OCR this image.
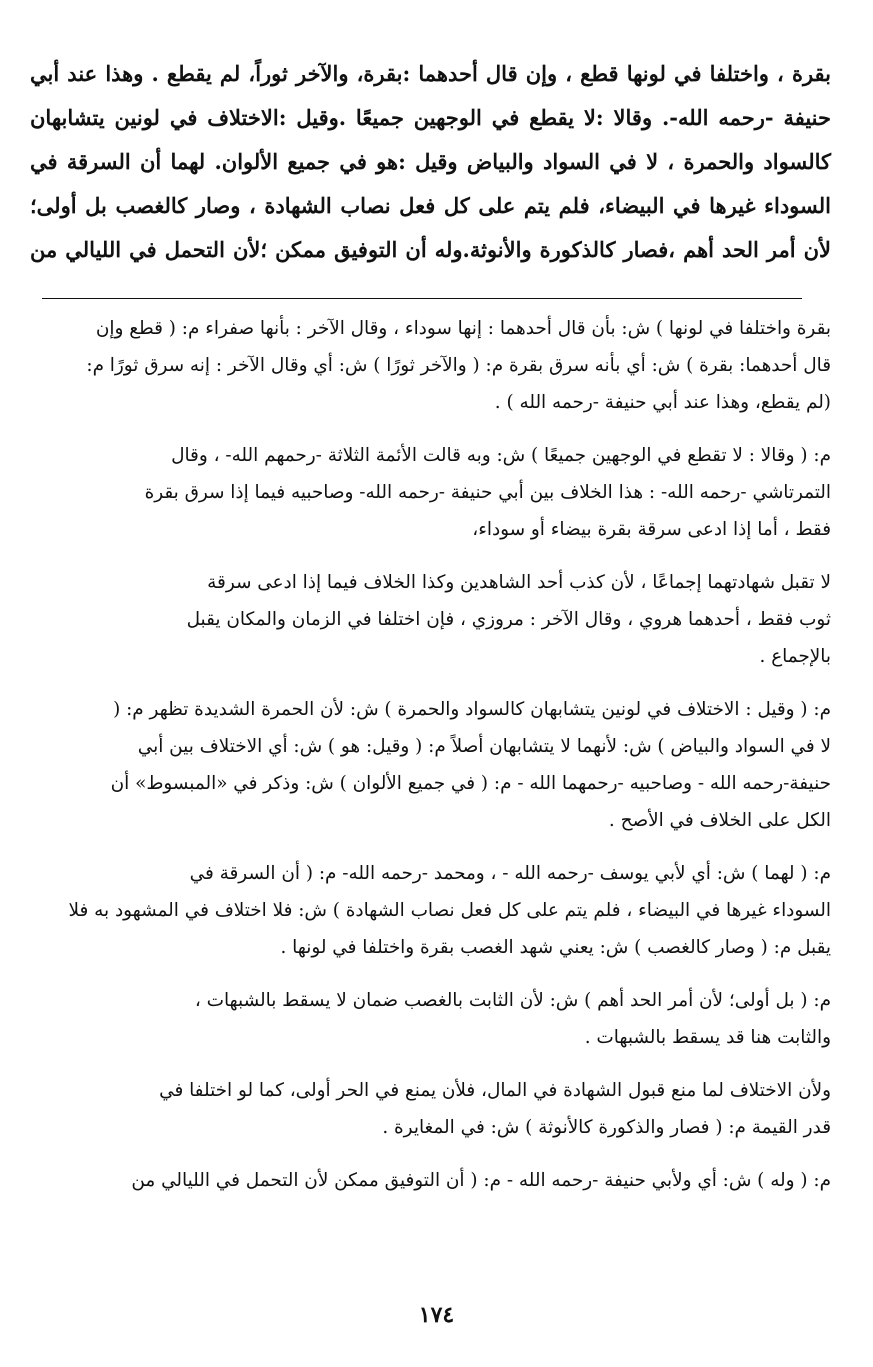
بقرة ، واختلفا في لونها قطع ، وإن قال أحدهما :بقرة، والآخر ثوراً، لم يقطع . وهذا عند أبي

حنيفة -رحمه الله-. وقالا :لا يقطع في الوجهين جميعًا .وقيل :الاختلاف في لونين يتشابهان

كالسواد والحمرة ، لا في السواد والبياض وقيل :هو في جميع الألوان. لهما أن السرقة في

السوداء غيرها في البيضاء، فلم يتم على كل فعل نصاب الشهادة ، وصار كالغصب بل أولى؛

لأن أمر الحد أهم ،فصار كالذكورة والأنوثة.وله أن التوفيق ممكن ؛لأن التحمل في الليالي من

بقرة واختلفا في لونها ) ش: بأن قال أحدهما : إنها سوداء ، وقال الآخر : بأنها صفراء م: ( قطع وإن
قال أحدهما: بقرة ) ش: أي بأنه سرق بقرة م: ( والآخر ثورًا ) ش: أي وقال الآخر : إنه سرق ثورًا م:
(لم يقطع، وهذا عند أبي حنيفة -رحمه الله ) .

م: ( وقالا : لا تقطع في الوجهين جميعًا ) ش: وبه قالت الأئمة الثلاثة -رحمهم الله- ، وقال
التمرتاشي -رحمه الله- : هذا الخلاف بين أبي حنيفة -رحمه الله- وصاحبيه فيما إذا سرق بقرة
فقط ، أما إذا ادعى سرقة بقرة بيضاء أو سوداء،

لا تقبل شهادتهما إجماعًا ، لأن كذب أحد الشاهدين وكذا الخلاف فيما إذا ادعى سرقة
ثوب فقط ، أحدهما هروي ، وقال الآخر : مروزي ، فإن اختلفا في الزمان والمكان يقبل
بالإجماع .

م: ( وقيل : الاختلاف في لونين يتشابهان كالسواد والحمرة ) ش: لأن الحمرة الشديدة تظهر م: (
لا في السواد والبياض ) ش: لأنهما لا يتشابهان أصلاً م: ( وقيل: هو ) ش: أي الاختلاف بين أبي
حنيفة-رحمه الله - وصاحبيه -رحمهما الله - م: ( في جميع الألوان ) ش: وذكر في «المبسوط» أن
الكل على الخلاف في الأصح .

م: ( لهما ) ش: أي لأبي يوسف -رحمه الله - ، ومحمد -رحمه الله- م: ( أن السرقة في
السوداء غيرها في البيضاء ، فلم يتم على كل فعل نصاب الشهادة ) ش: فلا اختلاف في المشهود به فلا
يقبل م: ( وصار كالغصب ) ش: يعني شهد الغصب بقرة واختلفا في لونها .

م: ( بل أولى؛ لأن أمر الحد أهم ) ش: لأن الثابت بالغصب ضمان لا يسقط بالشبهات ،
والثابت هنا قد يسقط بالشبهات .

ولأن الاختلاف لما منع قبول الشهادة في المال، فلأن يمنع في الحر أولى، كما لو اختلفا في
قدر القيمة م: ( فصار والذكورة كالأنوثة ) ش: في المغايرة .

م: ( وله ) ش: أي ولأبي حنيفة -رحمه الله - م: ( أن التوفيق ممكن لأن التحمل في الليالي من

١٧٤
